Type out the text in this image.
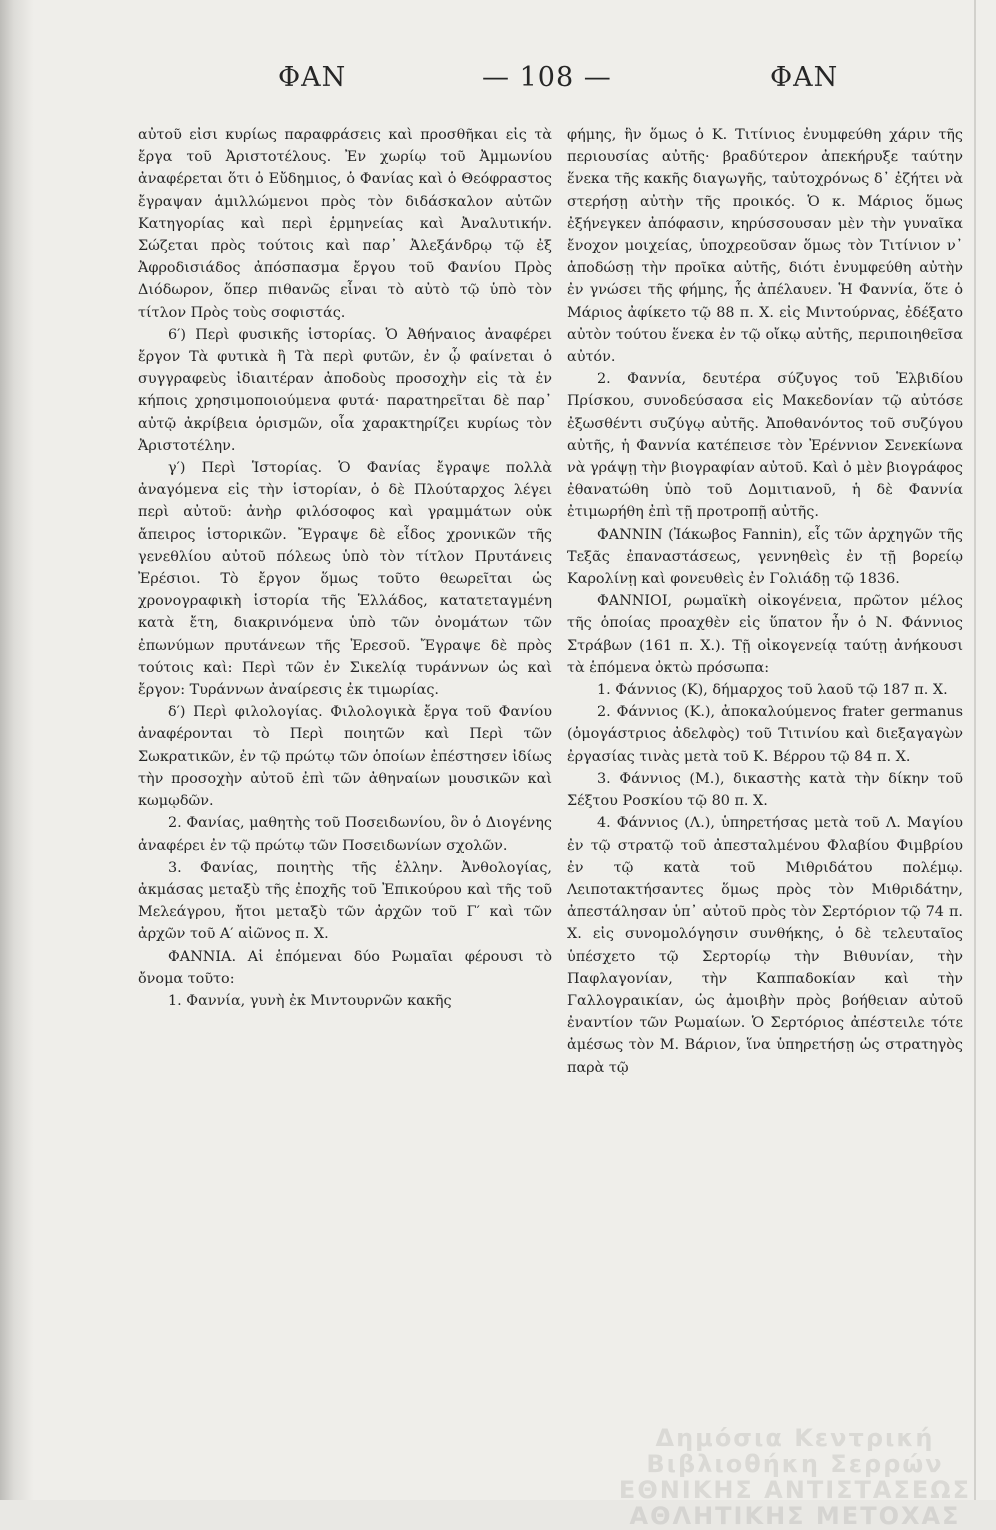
ΦΑΝ	— 108 —	ΦΑΝ

αὐτοῦ εἰσι κυρίως παραφράσεις καὶ προσθῆκαι εἰς τὰ ἔργα τοῦ Ἀριστοτέλους. Ἐν χωρίῳ τοῦ Ἀμμωνίου ἀναφέρεται ὅτι ὁ Εὔδημιος, ὁ Φανίας καὶ ὁ Θεόφραστος ἔγραψαν ἁμιλλώμενοι πρὸς τὸν διδάσκαλον αὐτῶν Κατηγορίας καὶ περὶ ἑρμηνείας καὶ Ἀναλυτικήν. Σώζεται πρὸς τούτοις καὶ παρ᾽ Ἀλεξάνδρῳ τῷ ἐξ Ἀφροδισιάδος ἀπόσπασμα ἔργου τοῦ Φανίου Πρὸς Διόδωρον, ὅπερ πιθανῶς εἶναι τὸ αὐτὸ τῷ ὑπὸ τὸν τίτλον Πρὸς τοὺς σοφιστάς.

6′) Περὶ φυσικῆς ἱστορίας. Ὁ Ἀθήναιος ἀναφέρει ἔργον Τὰ φυτικὰ ἢ Τὰ περὶ φυτῶν, ἐν ᾧ φαίνεται ὁ συγγραφεὺς ἰδιαιτέραν ἀποδοὺς προσοχὴν εἰς τὰ ἐν κήποις χρησιμοποιούμενα φυτά· παρατηρεῖται δὲ παρ᾽ αὐτῷ ἀκρίβεια ὁρισμῶν, οἷα χαρακτηρίζει κυρίως τὸν Ἀριστοτέλην.

γ′) Περὶ Ἱστορίας. Ὁ Φανίας ἔγραψε πολλὰ ἀναγόμενα εἰς τὴν ἱστορίαν, ὁ δὲ Πλούταρχος λέγει περὶ αὐτοῦ: ἀνὴρ φιλόσοφος καὶ γραμμάτων οὐκ ἄπειρος ἱστορικῶν. Ἔγραψε δὲ εἶδος χρονικῶν τῆς γενεθλίου αὐτοῦ πόλεως ὑπὸ τὸν τίτλον Πρυτάνεις Ἐρέσιοι. Τὸ ἔργον ὅμως τοῦτο θεωρεῖται ὡς χρονογραφικὴ ἱστορία τῆς Ἑλλάδος, κατατεταγμένη κατὰ ἔτη, διακρινόμενα ὑπὸ τῶν ὀνομάτων τῶν ἐπωνύμων πρυτάνεων τῆς Ἐρεσοῦ. Ἔγραψε δὲ πρὸς τούτοις καὶ: Περὶ τῶν ἐν Σικελίᾳ τυράννων ὡς καὶ ἔργον: Τυράννων ἀναίρεσις ἐκ τιμωρίας.

δ′) Περὶ φιλολογίας. Φιλολογικὰ ἔργα τοῦ Φανίου ἀναφέρονται τὸ Περὶ ποιητῶν καὶ Περὶ τῶν Σωκρατικῶν, ἐν τῷ πρώτῳ τῶν ὁποίων ἐπέστησεν ἰδίως τὴν προσοχὴν αὐτοῦ ἐπὶ τῶν ἀθηναίων μουσικῶν καὶ κωμῳδῶν.

2. Φανίας, μαθητὴς τοῦ Ποσειδωνίου, ὃν ὁ Διογένης ἀναφέρει ἐν τῷ πρώτῳ τῶν Ποσειδωνίων σχολῶν.

3. Φανίας, ποιητὴς τῆς ἑλλην. Ἀνθολογίας, ἀκμάσας μεταξὺ τῆς ἐποχῆς τοῦ Ἐπικούρου καὶ τῆς τοῦ Μελεάγρου, ἤτοι μεταξὺ τῶν ἀρχῶν τοῦ Γ′ καὶ τῶν ἀρχῶν τοῦ Α′ αἰῶνος π. Χ.

ΦΑΝΝΙΑ. Αἱ ἑπόμεναι δύο Ρωμαῖαι φέρουσι τὸ ὄνομα τοῦτο:

1. Φαννία, γυνὴ ἐκ Μιντουρνῶν κακῆς

φήμης, ἣν ὅμως ὁ Κ. Τιτίνιος ἐνυμφεύθη χάριν τῆς περιουσίας αὐτῆς· βραδύτερον ἀπεκήρυξε ταύτην ἕνεκα τῆς κακῆς διαγωγῆς, ταὐτοχρόνως δ᾽ ἐζήτει νὰ στερήσῃ αὐτὴν τῆς προικός. Ὁ κ. Μάριος ὅμως ἐξήνεγκεν ἀπόφασιν, κηρύσσουσαν μὲν τὴν γυναῖκα ἔνοχον μοιχείας, ὑποχρεοῦσαν ὅμως τὸν Τιτίνιον ν᾽ ἀποδώσῃ τὴν προῖκα αὐτῆς, διότι ἐνυμφεύθη αὐτὴν ἐν γνώσει τῆς φήμης, ἧς ἀπέλαυεν. Ἡ Φαννία, ὅτε ὁ Μάριος ἀφίκετο τῷ 88 π. Χ. εἰς Μιντούρνας, ἐδέξατο αὐτὸν τούτου ἕνεκα ἐν τῷ οἴκῳ αὐτῆς, περιποιηθεῖσα αὐτόν.

2. Φαννία, δευτέρα σύζυγος τοῦ Ἑλβιδίου Πρίσκου, συνοδεύσασα εἰς Μακεδονίαν τῷ αὐτόσε ἐξωσθέντι συζύγῳ αὐτῆς. Ἀποθανόντος τοῦ συζύγου αὐτῆς, ἡ Φαννία κατέπεισε τὸν Ἐρέννιον Σενεκίωνα νὰ γράψῃ τὴν βιογραφίαν αὐτοῦ. Καὶ ὁ μὲν βιογράφος ἐθανατώθη ὑπὸ τοῦ Δομιτιανοῦ, ἡ δὲ Φαννία ἐτιμωρήθη ἐπὶ τῇ προτροπῇ αὐτῆς.

ΦΑΝΝΙΝ (Ἰάκωβος Fannin), εἷς τῶν ἀρχηγῶν τῆς Τεξᾶς ἐπαναστάσεως, γεννηθεὶς ἐν τῇ βορείῳ Καρολίνῃ καὶ φονευθεὶς ἐν Γολιάδῃ τῷ 1836.

ΦΑΝΝΙΟΙ, ρωμαϊκὴ οἰκογένεια, πρῶτον μέλος τῆς ὁποίας προαχθὲν εἰς ὕπατον ἦν ὁ Ν. Φάννιος Στράβων (161 π. Χ.). Τῇ οἰκογενείᾳ ταύτῃ ἀνήκουσι τὰ ἑπόμενα ὀκτὼ πρόσωπα:

1. Φάννιος (Κ), δήμαρχος τοῦ λαοῦ τῷ 187 π. Χ.

2. Φάννιος (Κ.), ἀποκαλούμενος frater germanus (ὁμογάστριος ἀδελφὸς) τοῦ Τιτινίου καὶ διεξαγαγὼν ἐργασίας τινὰς μετὰ τοῦ Κ. Βέρρου τῷ 84 π. Χ.

3. Φάννιος (Μ.), δικαστὴς κατὰ τὴν δίκην τοῦ Σέξτου Ροσκίου τῷ 80 π. Χ.

4. Φάννιος (Λ.), ὑπηρετήσας μετὰ τοῦ Λ. Μαγίου ἐν τῷ στρατῷ τοῦ ἀπεσταλμένου Φλαβίου Φιμβρίου ἐν τῷ κατὰ τοῦ Μιθριδάτου πολέμῳ. Λειποτακτήσαντες ὅμως πρὸς τὸν Μιθριδάτην, ἀπεστάλησαν ὑπ᾽ αὐτοῦ πρὸς τὸν Σερτόριον τῷ 74 π. Χ. εἰς συνομολόγησιν συνθήκης, ὁ δὲ τελευταῖος ὑπέσχετο τῷ Σερτορίῳ τὴν Βιθυνίαν, τὴν Παφλαγονίαν, τὴν Καππαδοκίαν καὶ τὴν Γαλλογραικίαν, ὡς ἀμοιβὴν πρὸς βοήθειαν αὐτοῦ ἐναντίον τῶν Ρωμαίων. Ὁ Σερτόριος ἀπέστειλε τότε ἀμέσως τὸν Μ. Βάριον, ἵνα ὑπηρετήσῃ ὡς στρατηγὸς παρὰ τῷ

Δημόσια Κεντρική Βιβλιοθήκη Σερρών ΕΘΝΙΚΗΣ ΑΝΤΙΣΤΑΣΕΩΣ ΑΘΛΗΤΙΚΗΣ ΜΕΤΟΧΑΣ
